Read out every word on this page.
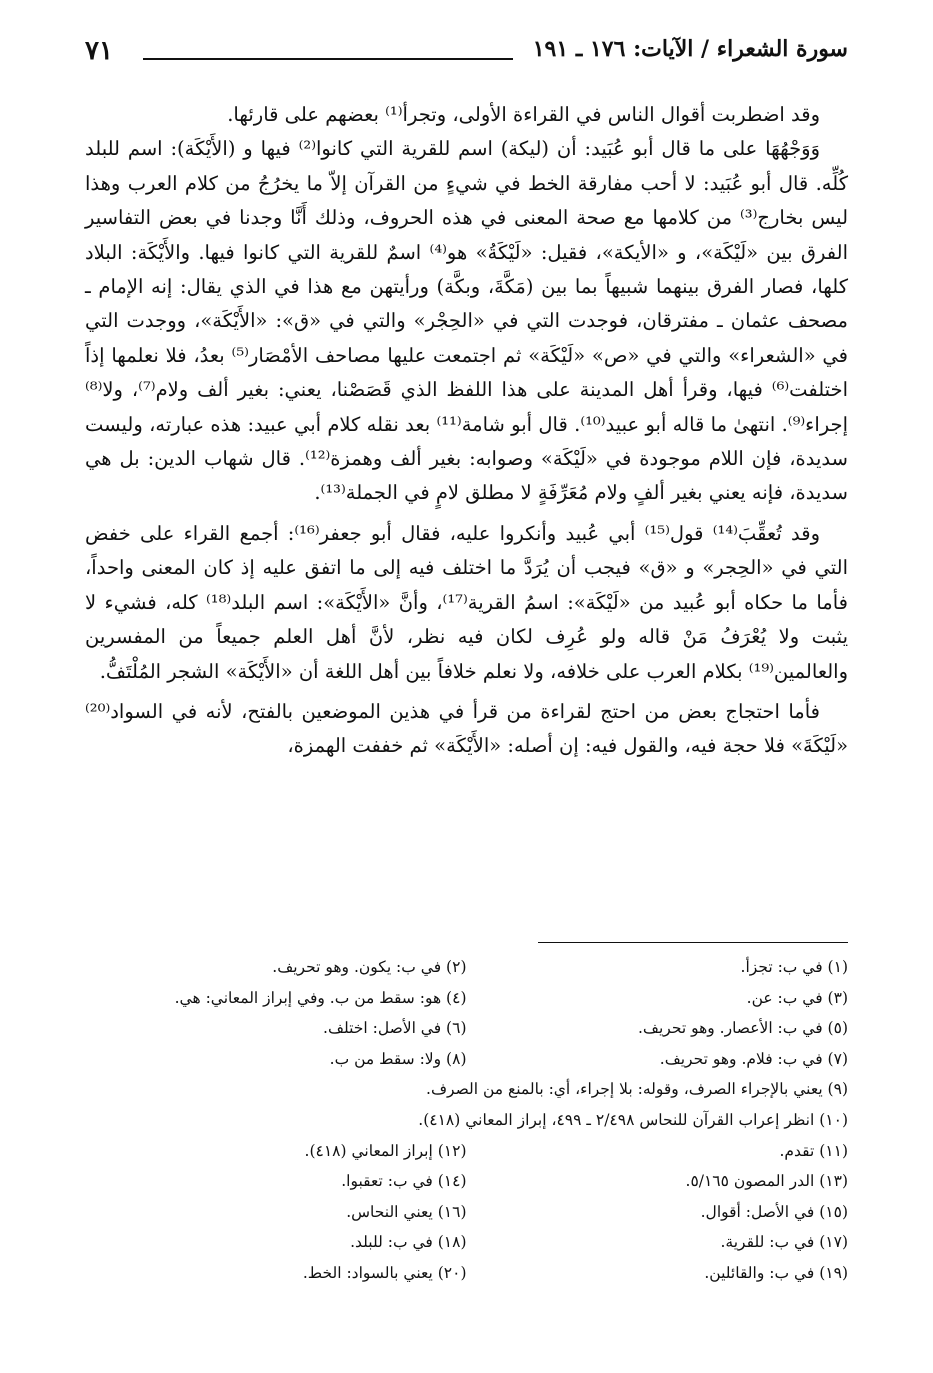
٧١	سورة الشعراء / الآيات: ١٧٦ ـ ١٩١

وقد اضطربت أقوال الناس في القراءة الأولى، وتجرأ⁽¹⁾ بعضهم على قارئها.

وَوَجْهُهَا على ما قال أبو عُبَيد: أن (ليكة) اسم للقرية التي كانوا⁽²⁾ فيها و (الأَيْكَة): اسم للبلد كُلِّه. قال أبو عُبَيد: لا أحب مفارقة الخط في شيءٍ من القرآن إلاّ ما يخرُجُ من كلام العرب وهذا ليس بخارج⁽³⁾ من كلامها مع صحة المعنى في هذه الحروف، وذلك أَنَّا وجدنا في بعض التفاسير الفرق بين «لَيْكَة»، و «الأيكة»، فقيل: «لَيْكَةُ» هو⁽⁴⁾ اسمٌ للقرية التي كانوا فيها. والأَيْكَة: البلاد كلها، فصار الفرق بينهما شبيهاً بما بين (مَكَّةَ، وبكَّة) ورأيتهن مع هذا في الذي يقال: إنه الإمام ـ مصحف عثمان ـ مفترقان، فوجدت التي في «الحِجْر» والتي في «ق»: «الأَيْكَة»، ووجدت التي في «الشعراء» والتي في «ص» «لَيْكَة» ثم اجتمعت عليها مصاحف الأمْصَار⁽⁵⁾ بعدُ، فلا نعلمها إذاً اختلفت⁽⁶⁾ فيها، وقرأ أهل المدينة على هذا اللفظ الذي قَصَصْنا، يعني: بغير ألف ولام⁽⁷⁾، ولا⁽⁸⁾ إجراء⁽⁹⁾. انتهىٰ ما قاله أبو عبيد⁽¹⁰⁾. قال أبو شامة⁽¹¹⁾ بعد نقله كلام أبي عبيد: هذه عبارته، وليست سديدة، فإن اللام موجودة في «لَيْكَة» وصوابه: بغير ألف وهمزة⁽¹²⁾. قال شهاب الدين: بل هي سديدة، فإنه يعني بغير ألفٍ ولام مُعَرِّفَةٍ لا مطلق لامٍ في الجملة⁽¹³⁾.

وقد تُعقِّبَ⁽¹⁴⁾ قول⁽¹⁵⁾ أبي عُبيد وأنكروا عليه، فقال أبو جعفر⁽¹⁶⁾: أجمع القراء على خفض التي في «الحِجر» و «ق» فيجب أن يُرَدَّ ما اختلف فيه إلى ما اتفق عليه إذ كان المعنى واحداً، فأما ما حكاه أبو عُبيد من «لَيْكَة»: اسمُ القرية⁽¹⁷⁾، وأنَّ «الأَيْكَة»: اسم البلد⁽¹⁸⁾ كله، فشيء لا يثبت ولا يُعْرَفُ مَنْ قاله ولو عُرِف لكان فيه نظر، لأنَّ أهل العلم جميعاً من المفسرين والعالمين⁽¹⁹⁾ بكلام العرب على خلافه، ولا نعلم خلافاً بين أهل اللغة أن «الأَيْكَة» الشجر المُلْتَفُّ.

فأما احتجاج بعض من احتج لقراءة من قرأ في هذين الموضعين بالفتح، لأنه في السواد⁽²⁰⁾ «لَيْكَةَ» فلا حجة فيه، والقول فيه: إن أصله: «الأَيْكَة» ثم خففت الهمزة،

(١) في ب: تجزأ.
(٢) في ب: يكون. وهو تحريف.
(٣) في ب: عن.
(٤) هو: سقط من ب. وفي إبراز المعاني: هي.
(٥) في ب: الأعصار. وهو تحريف.
(٦) في الأصل: اختلف.
(٧) في ب: فلام. وهو تحريف.
(٨) ولا: سقط من ب.
(٩) يعني بالإجراء الصرف، وقوله: بلا إجراء، أي: بالمنع من الصرف.
(١٠) انظر إعراب القرآن للنحاس ٢/٤٩٨ ـ ٤٩٩، إبراز المعاني (٤١٨).
(١١) تقدم.
(١٢) إبراز المعاني (٤١٨).
(١٣) الدر المصون ٥/١٦٥.
(١٤) في ب: تعقبوا.
(١٥) في الأصل: أقوال.
(١٦) يعني النحاس.
(١٧) في ب: للقرية.
(١٨) في ب: للبلد.
(١٩) في ب: والقائلين.
(٢٠) يعني بالسواد: الخط.
